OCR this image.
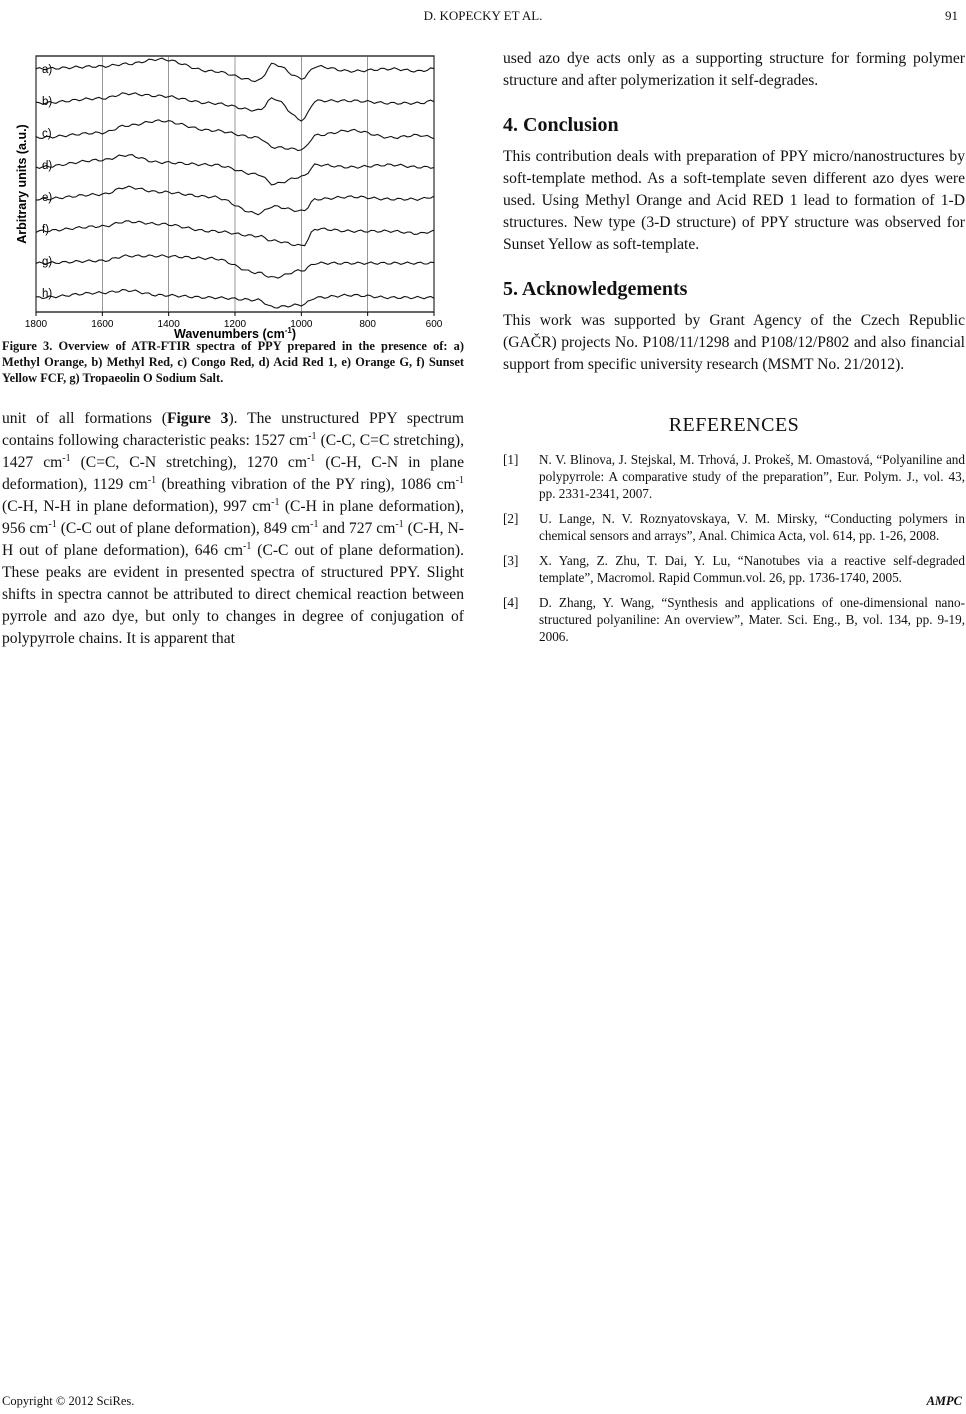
D. KOPECKY ET AL.	91
a)
b)
c)
d)
e)
f)
g)
h)
1800	1600	1400	1200	1000	800	600
Arbitrary units (a.u.)
Wavenumbers $(cm^{-1})$
Figure 3. Overview of ATR-FTIR spectra of PPY prepared in the presence of: a) Methyl Orange, b) Methyl Red, c) Congo Red, d) Acid Red 1, e) Orange G, f) Sunset Yellow FCF, g) Tropaeolin O Sodium Salt.

unit of all formations (Figure 3). The unstructured PPY spectrum contains following characteristic peaks: 1527 $cm^{-1}$ (C-C, C=C stretching), 1427 $cm^{-1}$ (C=C, C-N stretching), 1270 $cm^{-1}$ (C-H, C-N in plane deformation), 1129 $cm^{-1}$ (breathing vibration of the PY ring), 1086 $cm^{-1}$ (C-H, N-H in plane deformation), 997 $cm^{-1}$ (C-H in plane deformation), 956 $cm^{-1}$ (C-C out of plane deformation), 849 $cm^{-1}$ and 727 $cm^{-1}$ (C-H, N-H out of plane deformation), 646 $cm^{-1}$ (C-C out of plane deformation). These peaks are evident in presented spectra of structured PPY. Slight shifts in spectra cannot be attributed to direct chemical reaction between pyrrole and azo dye, but only to changes in degree of conjugation of polypyrrole chains. It is apparent that

used azo dye acts only as a supporting structure for forming polymer structure and after polymerization it self-degrades.

4. Conclusion

This contribution deals with preparation of PPY micro/nanostructures by soft-template method. As a soft-template seven different azo dyes were used. Using Methyl Orange and Acid RED 1 lead to formation of 1-D structures. New type (3-D structure) of PPY structure was observed for Sunset Yellow as soft-template.

5. Acknowledgements

This work was supported by Grant Agency of the Czech Republic (GAČR) projects No. P108/11/1298 and P108/12/P802 and also financial support from specific university research (MSMT No. 21/2012).

REFERENCES
[1]	N. V. Blinova, J. Stejskal, M. Trhová, J. Prokeš, M. Omastová, “Polyaniline and polypyrrole: A comparative study of the preparation”, Eur. Polym. J., vol. 43, pp. 2331-2341, 2007.
[2]	U. Lange, N. V. Roznyatovskaya, V. M. Mirsky, “Conducting polymers in chemical sensors and arrays”, Anal. Chimica Acta, vol. 614, pp. 1-26, 2008.
[3]	X. Yang, Z. Zhu, T. Dai, Y. Lu, “Nanotubes via a reactive self-degraded template”, Macromol. Rapid Commun.vol. 26, pp. 1736-1740, 2005.
[4]	D. Zhang, Y. Wang, “Synthesis and applications of one-dimensional nano-structured polyaniline: An overview”, Mater. Sci. Eng., B, vol. 134, pp. 9-19, 2006.
Copyright © 2012 SciRes.	AMPC
